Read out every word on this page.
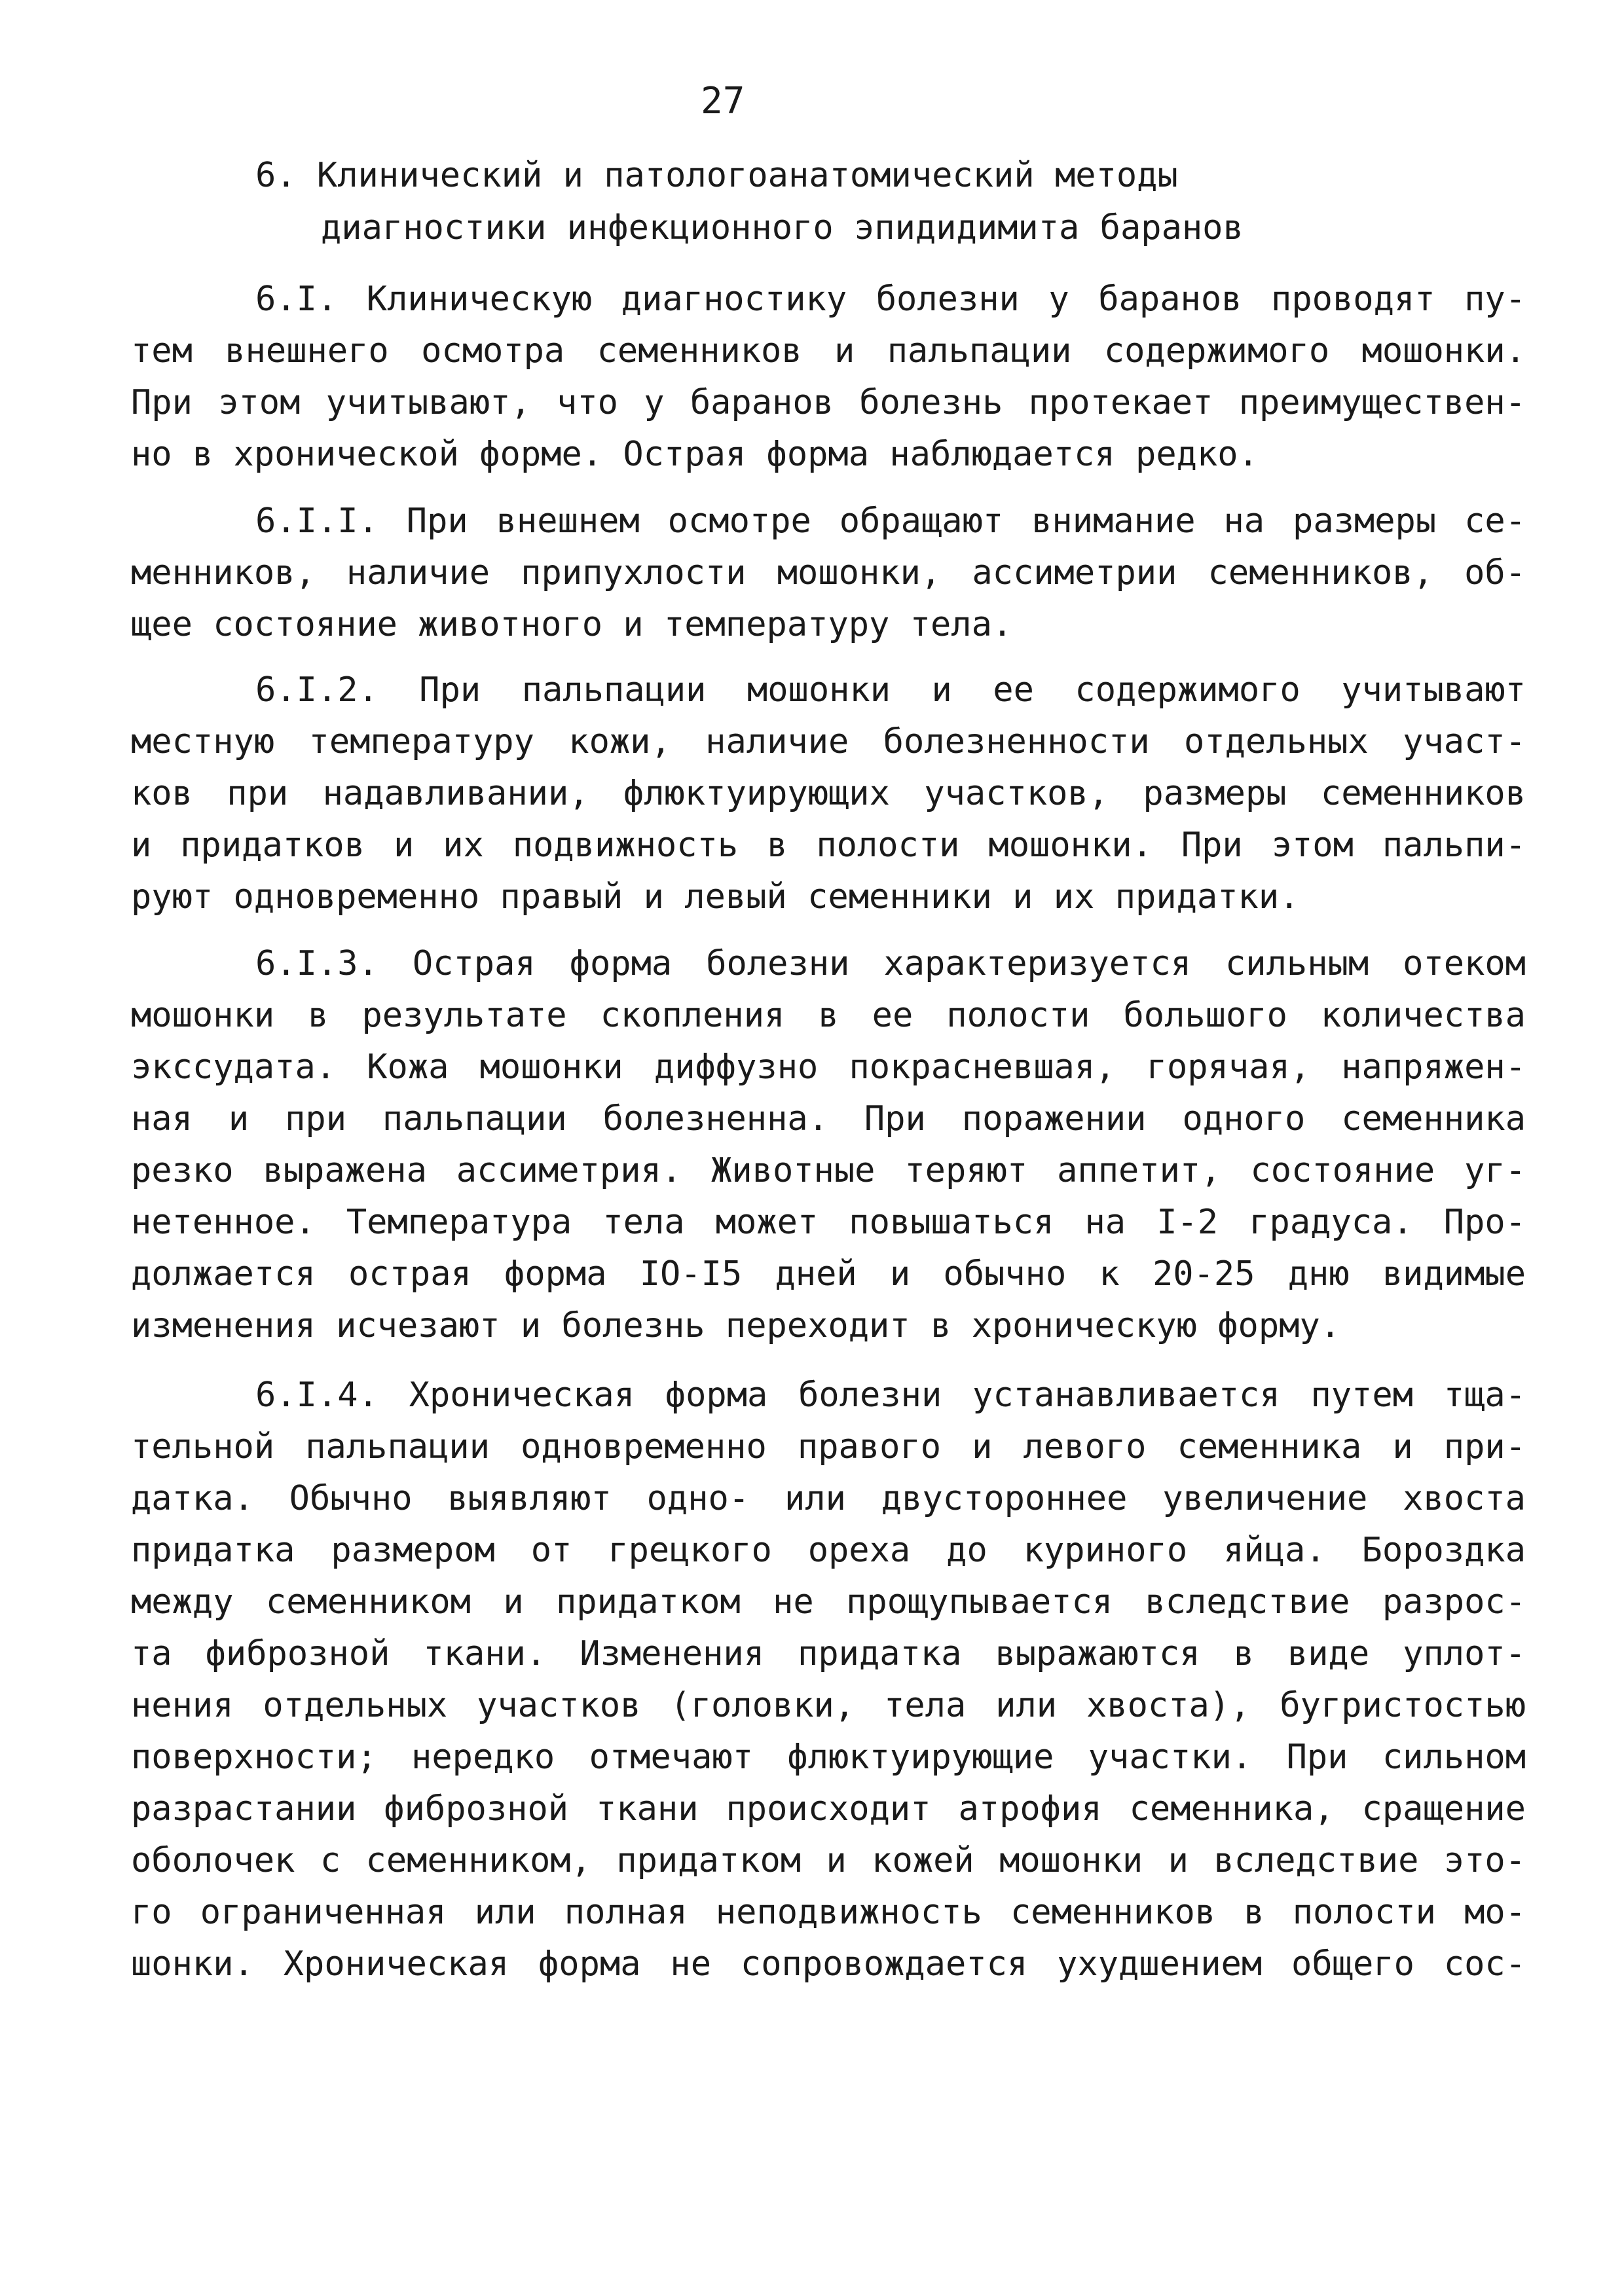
27

6. Клинический и патологоанатомический методы
диагностики инфекционного эпидидимита баранов
6.I. Клиническую диагностику болезни у баранов проводят пу-
тем внешнего осмотра семенников и пальпации содержимого мошонки.
При этом учитывают, что у баранов болезнь протекает преимуществен-
но в хронической форме. Острая форма наблюдается редко.
6.I.I. При внешнем осмотре обращают внимание на размеры се-
менников, наличие припухлости мошонки, ассиметрии семенников, об-
щее состояние животного и температуру тела.
6.I.2. При пальпации мошонки и ее содержимого учитывают
местную температуру кожи, наличие болезненности отдельных участ-
ков при надавливании, флюктуирующих участков, размеры семенников
и придатков и их подвижность в полости мошонки. При этом пальпи-
руют одновременно правый и левый семенники и их придатки.
6.I.3. Острая форма болезни характеризуется сильным отеком
мошонки в результате скопления в ее полости большого количества
экссудата. Кожа мошонки диффузно покрасневшая, горячая, напряжен-
ная и при пальпации болезненна. При поражении одного семенника
резко выражена ассиметрия. Животные теряют аппетит, состояние уг-
нетенное. Температура тела может повышаться на I-2 градуса. Про-
должается острая форма IO-I5 дней и обычно к 20-25 дню видимые
изменения исчезают и болезнь переходит в хроническую форму.
6.I.4. Хроническая форма болезни устанавливается путем тща-
тельной пальпации одновременно правого и левого семенника и при-
датка. Обычно выявляют одно- или двустороннее увеличение хвоста
придатка размером от грецкого ореха до куриного яйца. Бороздка
между семенником и придатком не прощупывается вследствие разрос-
та фиброзной ткани. Изменения придатка выражаются в виде уплот-
нения отдельных участков (головки, тела или хвоста), бугристостью
поверхности; нередко отмечают флюктуирующие участки. При сильном
разрастании фиброзной ткани происходит атрофия семенника, сращение
оболочек с семенником, придатком и кожей мошонки и вследствие это-
го ограниченная или полная неподвижность семенников в полости мо-
шонки. Хроническая форма не сопровождается ухудшением общего сос-
